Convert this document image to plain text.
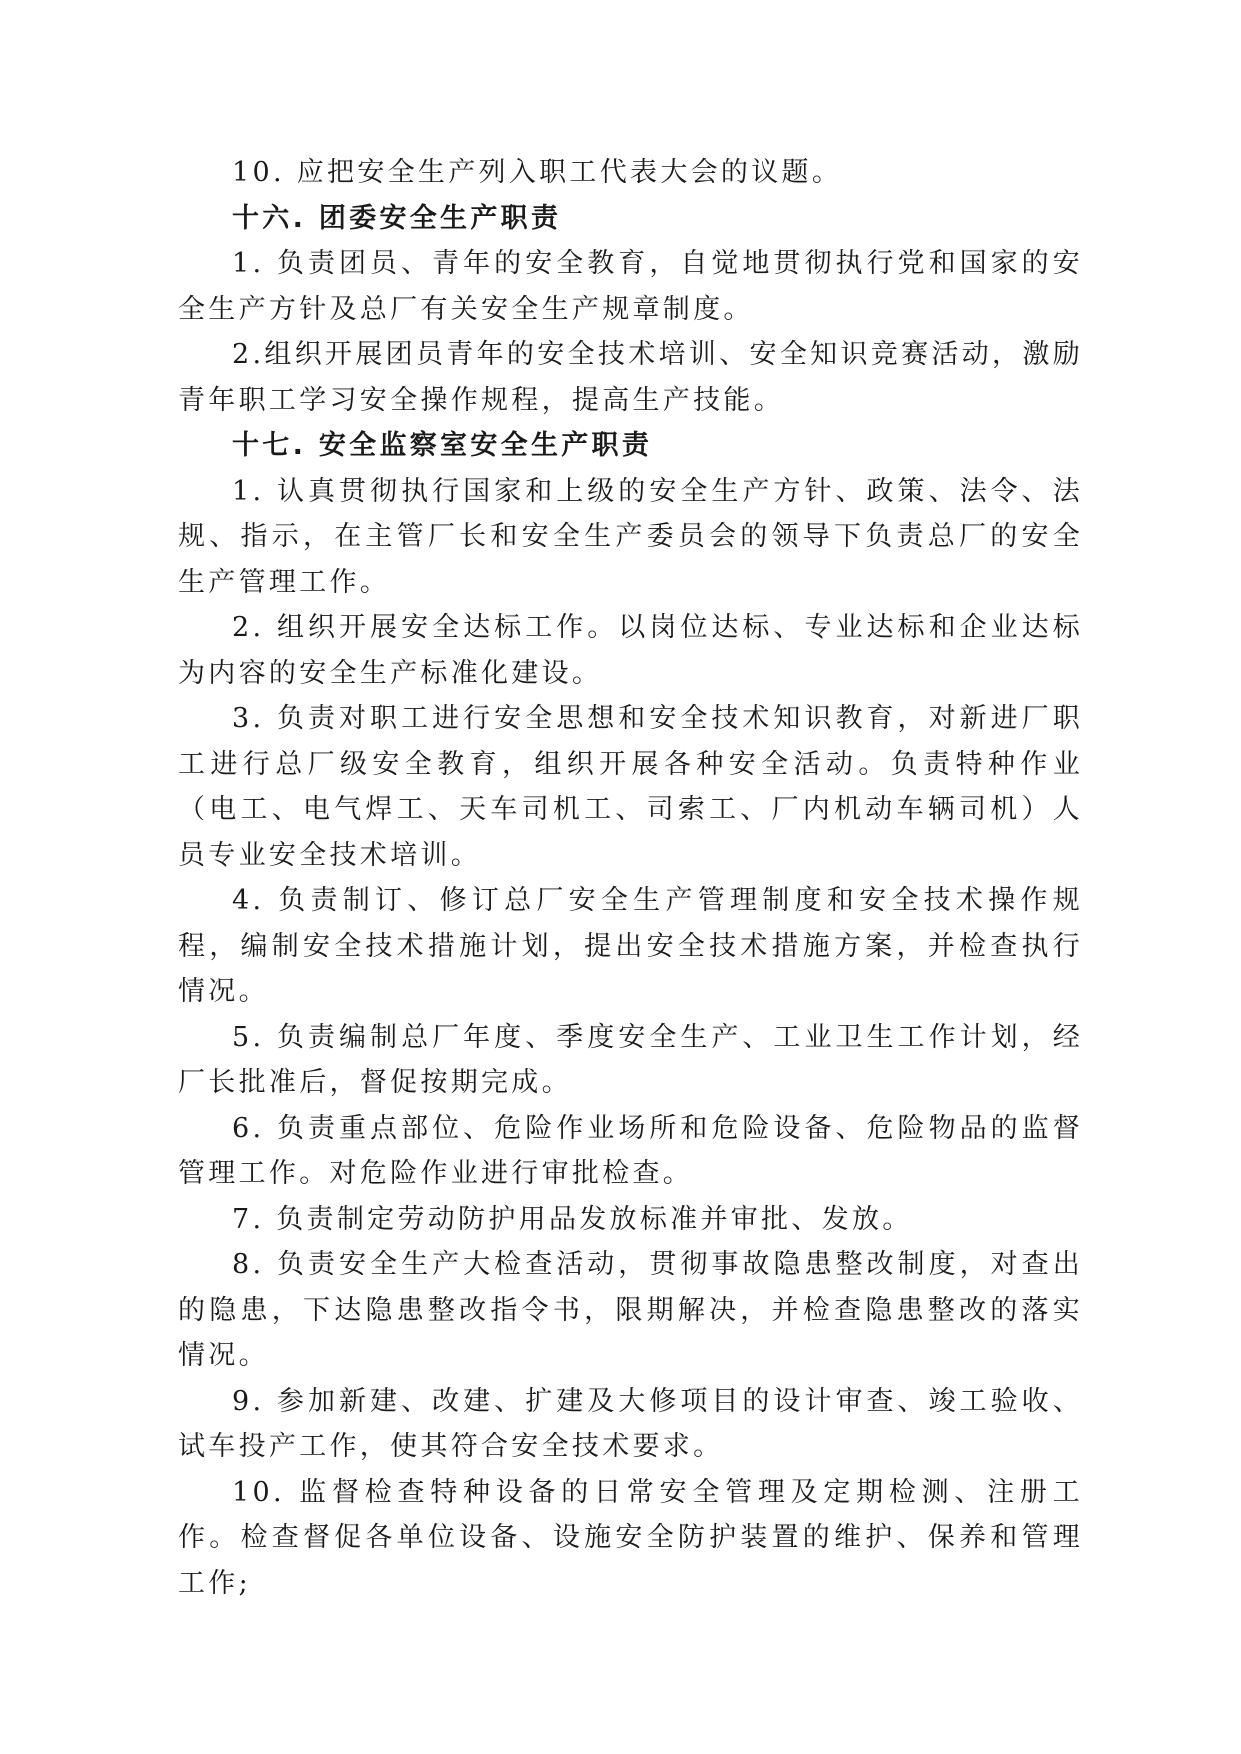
10. 应把安全生产列入职工代表大会的议题。

十六. 团委安全生产职责

1. 负责团员、青年的安全教育，自觉地贯彻执行党和国家的安全生产方针及总厂有关安全生产规章制度。

2.组织开展团员青年的安全技术培训、安全知识竞赛活动，激励青年职工学习安全操作规程，提高生产技能。

十七. 安全监察室安全生产职责

1. 认真贯彻执行国家和上级的安全生产方针、政策、法令、法规、指示，在主管厂长和安全生产委员会的领导下负责总厂的安全生产管理工作。

2. 组织开展安全达标工作。以岗位达标、专业达标和企业达标为内容的安全生产标准化建设。

3. 负责对职工进行安全思想和安全技术知识教育，对新进厂职工进行总厂级安全教育，组织开展各种安全活动。负责特种作业（电工、电气焊工、天车司机工、司索工、厂内机动车辆司机）人员专业安全技术培训。

4. 负责制订、修订总厂安全生产管理制度和安全技术操作规程，编制安全技术措施计划，提出安全技术措施方案，并检查执行情况。

5. 负责编制总厂年度、季度安全生产、工业卫生工作计划，经厂长批准后，督促按期完成。

6. 负责重点部位、危险作业场所和危险设备、危险物品的监督管理工作。对危险作业进行审批检查。

7. 负责制定劳动防护用品发放标准并审批、发放。

8. 负责安全生产大检查活动，贯彻事故隐患整改制度，对查出的隐患，下达隐患整改指令书，限期解决，并检查隐患整改的落实情况。

9. 参加新建、改建、扩建及大修项目的设计审查、竣工验收、试车投产工作，使其符合安全技术要求。

10. 监督检查特种设备的日常安全管理及定期检测、注册工作。检查督促各单位设备、设施安全防护装置的维护、保养和管理工作;
